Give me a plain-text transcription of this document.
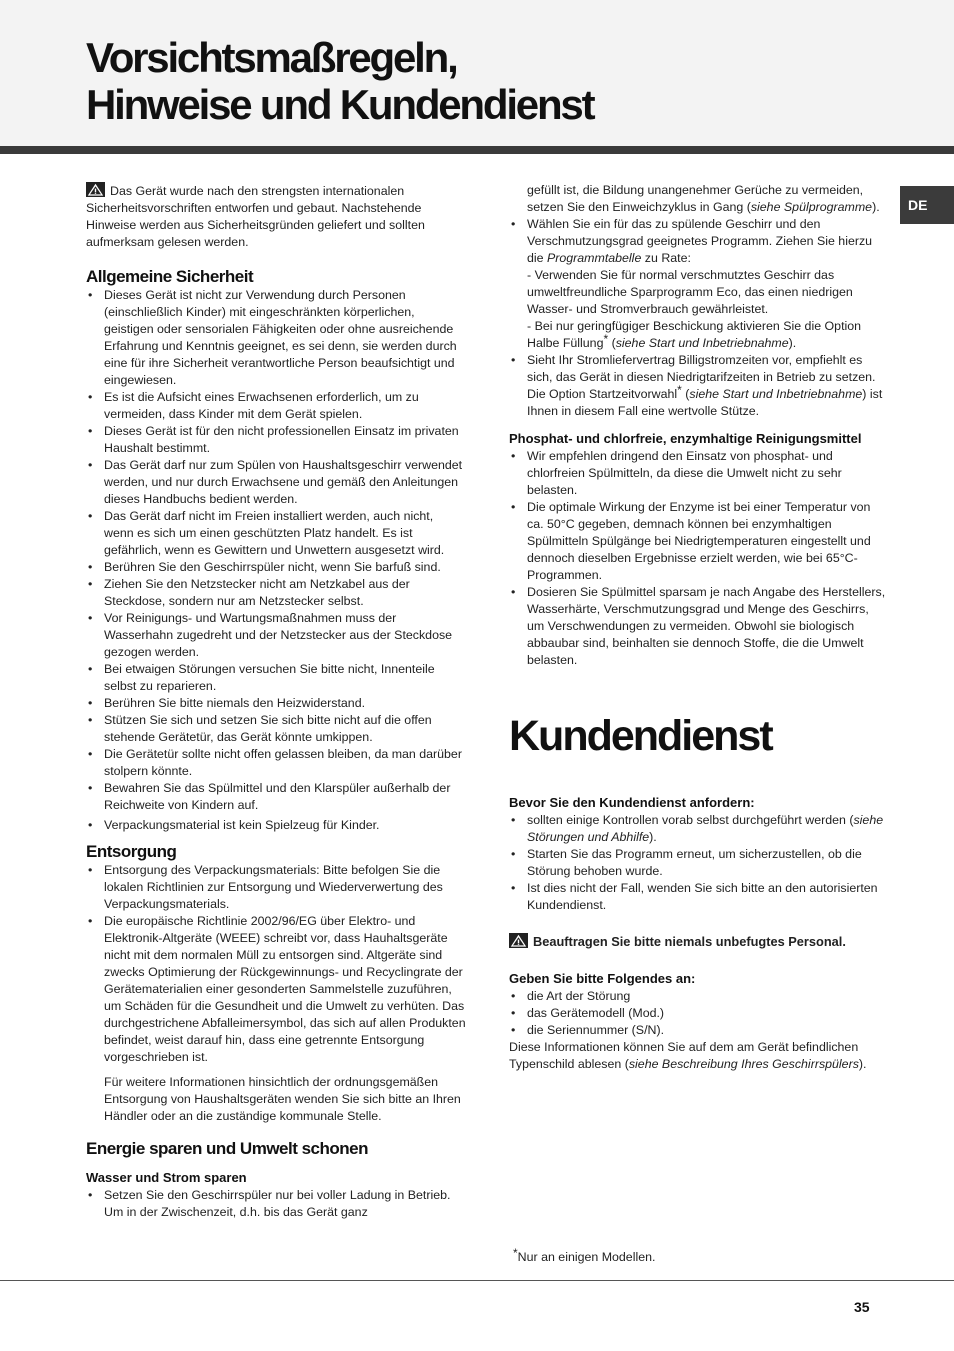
Vorsichtsmaßregeln,
Hinweise und Kundendienst
DE

Das Gerät wurde nach den strengsten internationalen Sicherheitsvorschriften entworfen und gebaut. Nachstehende Hinweise werden aus Sicherheitsgründen geliefert und sollten aufmerksam gelesen werden.

Allgemeine Sicherheit
• Dieses Gerät ist nicht zur Verwendung durch Personen (einschließlich Kinder) mit eingeschränkten körperlichen, geistigen oder sensorialen Fähigkeiten oder ohne ausreichende Erfahrung und Kenntnis geeignet, es sei denn, sie werden durch eine für ihre Sicherheit verantwortliche Person beaufsichtigt und eingewiesen.
• Es ist die Aufsicht eines Erwachsenen erforderlich, um zu vermeiden, dass Kinder mit dem Gerät spielen.
• Dieses Gerät ist für den nicht professionellen Einsatz im privaten Haushalt bestimmt.
• Das Gerät darf nur zum Spülen von Haushaltsgeschirr verwendet werden, und nur durch Erwachsene und gemäß den Anleitungen dieses Handbuchs bedient werden.
• Das Gerät darf nicht im Freien installiert werden, auch nicht, wenn es sich um einen geschützten Platz handelt. Es ist gefährlich, wenn es Gewittern und Unwettern ausgesetzt wird.
• Berühren Sie den Geschirrspüler nicht, wenn Sie barfuß sind.
• Ziehen Sie den Netzstecker nicht am Netzkabel aus der Steckdose, sondern nur am Netzstecker selbst.
• Vor Reinigungs- und Wartungsmaßnahmen muss der Wasserhahn zugedreht und der Netzstecker aus der Steckdose gezogen werden.
• Bei etwaigen Störungen versuchen Sie bitte nicht, Innenteile selbst zu reparieren.
• Berühren Sie bitte niemals den Heizwiderstand.
• Stützen Sie sich und setzen Sie sich bitte nicht auf die offen stehende Gerätetür, das Gerät könnte umkippen.
• Die Gerätetür sollte nicht offen gelassen bleiben, da man darüber stolpern könnte.
• Bewahren Sie das Spülmittel und den Klarspüler außerhalb der Reichweite von Kindern auf.
• Verpackungsmaterial ist kein Spielzeug für Kinder.
Entsorgung
• Entsorgung des Verpackungsmaterials: Bitte befolgen Sie die lokalen Richtlinien zur Entsorgung und Wiederverwertung des Verpackungsmaterials.
• Die europäische Richtlinie 2002/96/EG über Elektro- und Elektronik-Altgeräte (WEEE) schreibt vor, dass Hauhaltsgeräte nicht mit dem normalen Müll zu entsorgen sind. Altgeräte sind zwecks Optimierung der Rückgewinnungs- und Recyclingrate der Gerätematerialien einer gesonderten Sammelstelle zuzuführen, um Schäden für die Gesundheit und die Umwelt zu verhüten. Das durchgestrichene Abfalleimersymbol, das sich auf allen Produkten befindet, weist darauf hin, dass eine getrennte Entsorgung vorgeschrieben ist.

Für weitere Informationen hinsichtlich der ordnungsgemäßen Entsorgung von Haushaltsgeräten wenden Sie sich bitte an Ihren Händler oder an die zuständige kommunale Stelle.

Energie sparen und Umwelt schonen
Wasser und Strom sparen
• Setzen Sie den Geschirrspüler nur bei voller Ladung in Betrieb. Um in der Zwischenzeit, d.h. bis das Gerät ganz
gefüllt ist, die Bildung unangenehmer Gerüche zu vermeiden, setzen Sie den Einweichzyklus in Gang (siehe Spülprogramme).
• Wählen Sie ein für das zu spülende Geschirr und den Verschmutzungsgrad geeignetes Programm. Ziehen Sie hierzu die Programmtabelle zu Rate:
- Verwenden Sie für normal verschmutztes Geschirr das umweltfreundliche Sparprogramm Eco, das einen niedrigen Wasser- und Stromverbrauch gewährleistet.
- Bei nur geringfügiger Beschickung aktivieren Sie die Option Halbe Füllung* (siehe Start und Inbetriebnahme).
• Sieht Ihr Stromliefervertrag Billigstromzeiten vor, empfiehlt es sich, das Gerät in diesen Niedrigtarifzeiten in Betrieb zu setzen. Die Option Startzeitvorwahl* (siehe Start und Inbetriebnahme) ist Ihnen in diesem Fall eine wertvolle Stütze.
Phosphat- und chlorfreie, enzymhaltige Reinigungsmittel
• Wir empfehlen dringend den Einsatz von phosphat- und chlorfreien Spülmitteln, da diese die Umwelt nicht zu sehr belasten.
• Die optimale Wirkung der Enzyme ist bei einer Temperatur von ca. 50°C gegeben, demnach können bei enzymhaltigen Spülmitteln Spülgänge bei Niedrigtemperaturen eingestellt und dennoch dieselben Ergebnisse erzielt werden, wie bei 65°C-Programmen.
• Dosieren Sie Spülmittel sparsam je nach Angabe des Herstellers, Wasserhärte, Verschmutzungsgrad und Menge des Geschirrs, um Verschwendungen zu vermeiden. Obwohl sie biologisch abbaubar sind, beinhalten sie dennoch Stoffe, die die Umwelt belasten.
Kundendienst
Bevor Sie den Kundendienst anfordern:
• sollten einige Kontrollen vorab selbst durchgeführt werden (siehe Störungen und Abhilfe).
• Starten Sie das Programm erneut, um sicherzustellen, ob die Störung behoben wurde.
• Ist dies nicht der Fall, wenden Sie sich bitte an den autorisierten Kundendienst.

Beauftragen Sie bitte niemals unbefugtes Personal.

Geben Sie bitte Folgendes an:
• die Art der Störung
• das Gerätemodell (Mod.)
• die Seriennummer (S/N).

Diese Informationen können Sie auf dem am Gerät befindlichen Typenschild ablesen (siehe Beschreibung Ihres Geschirrspülers).

*Nur an einigen Modellen.
35
